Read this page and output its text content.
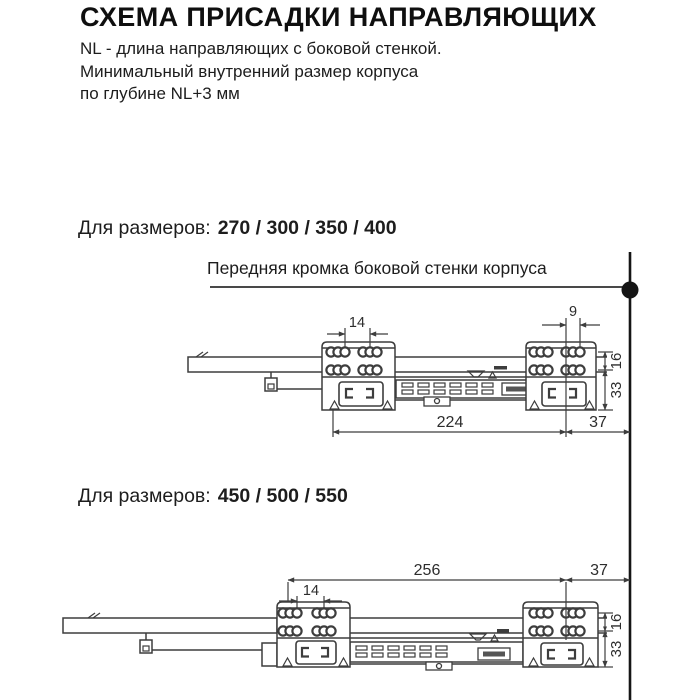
СХЕМА ПРИСАДКИ НАПРАВЛЯЮЩИХ
NL - длина направляющих с боковой стенкой.
Минимальный внутренний размер корпуса
по глубине NL+3 мм
Для размеров: 270 / 300 / 350 / 400
Передняя кромка боковой стенки корпуса
Для размеров: 450 / 500 / 550
14
9
16
33
224	37
256	37
14
16
33
